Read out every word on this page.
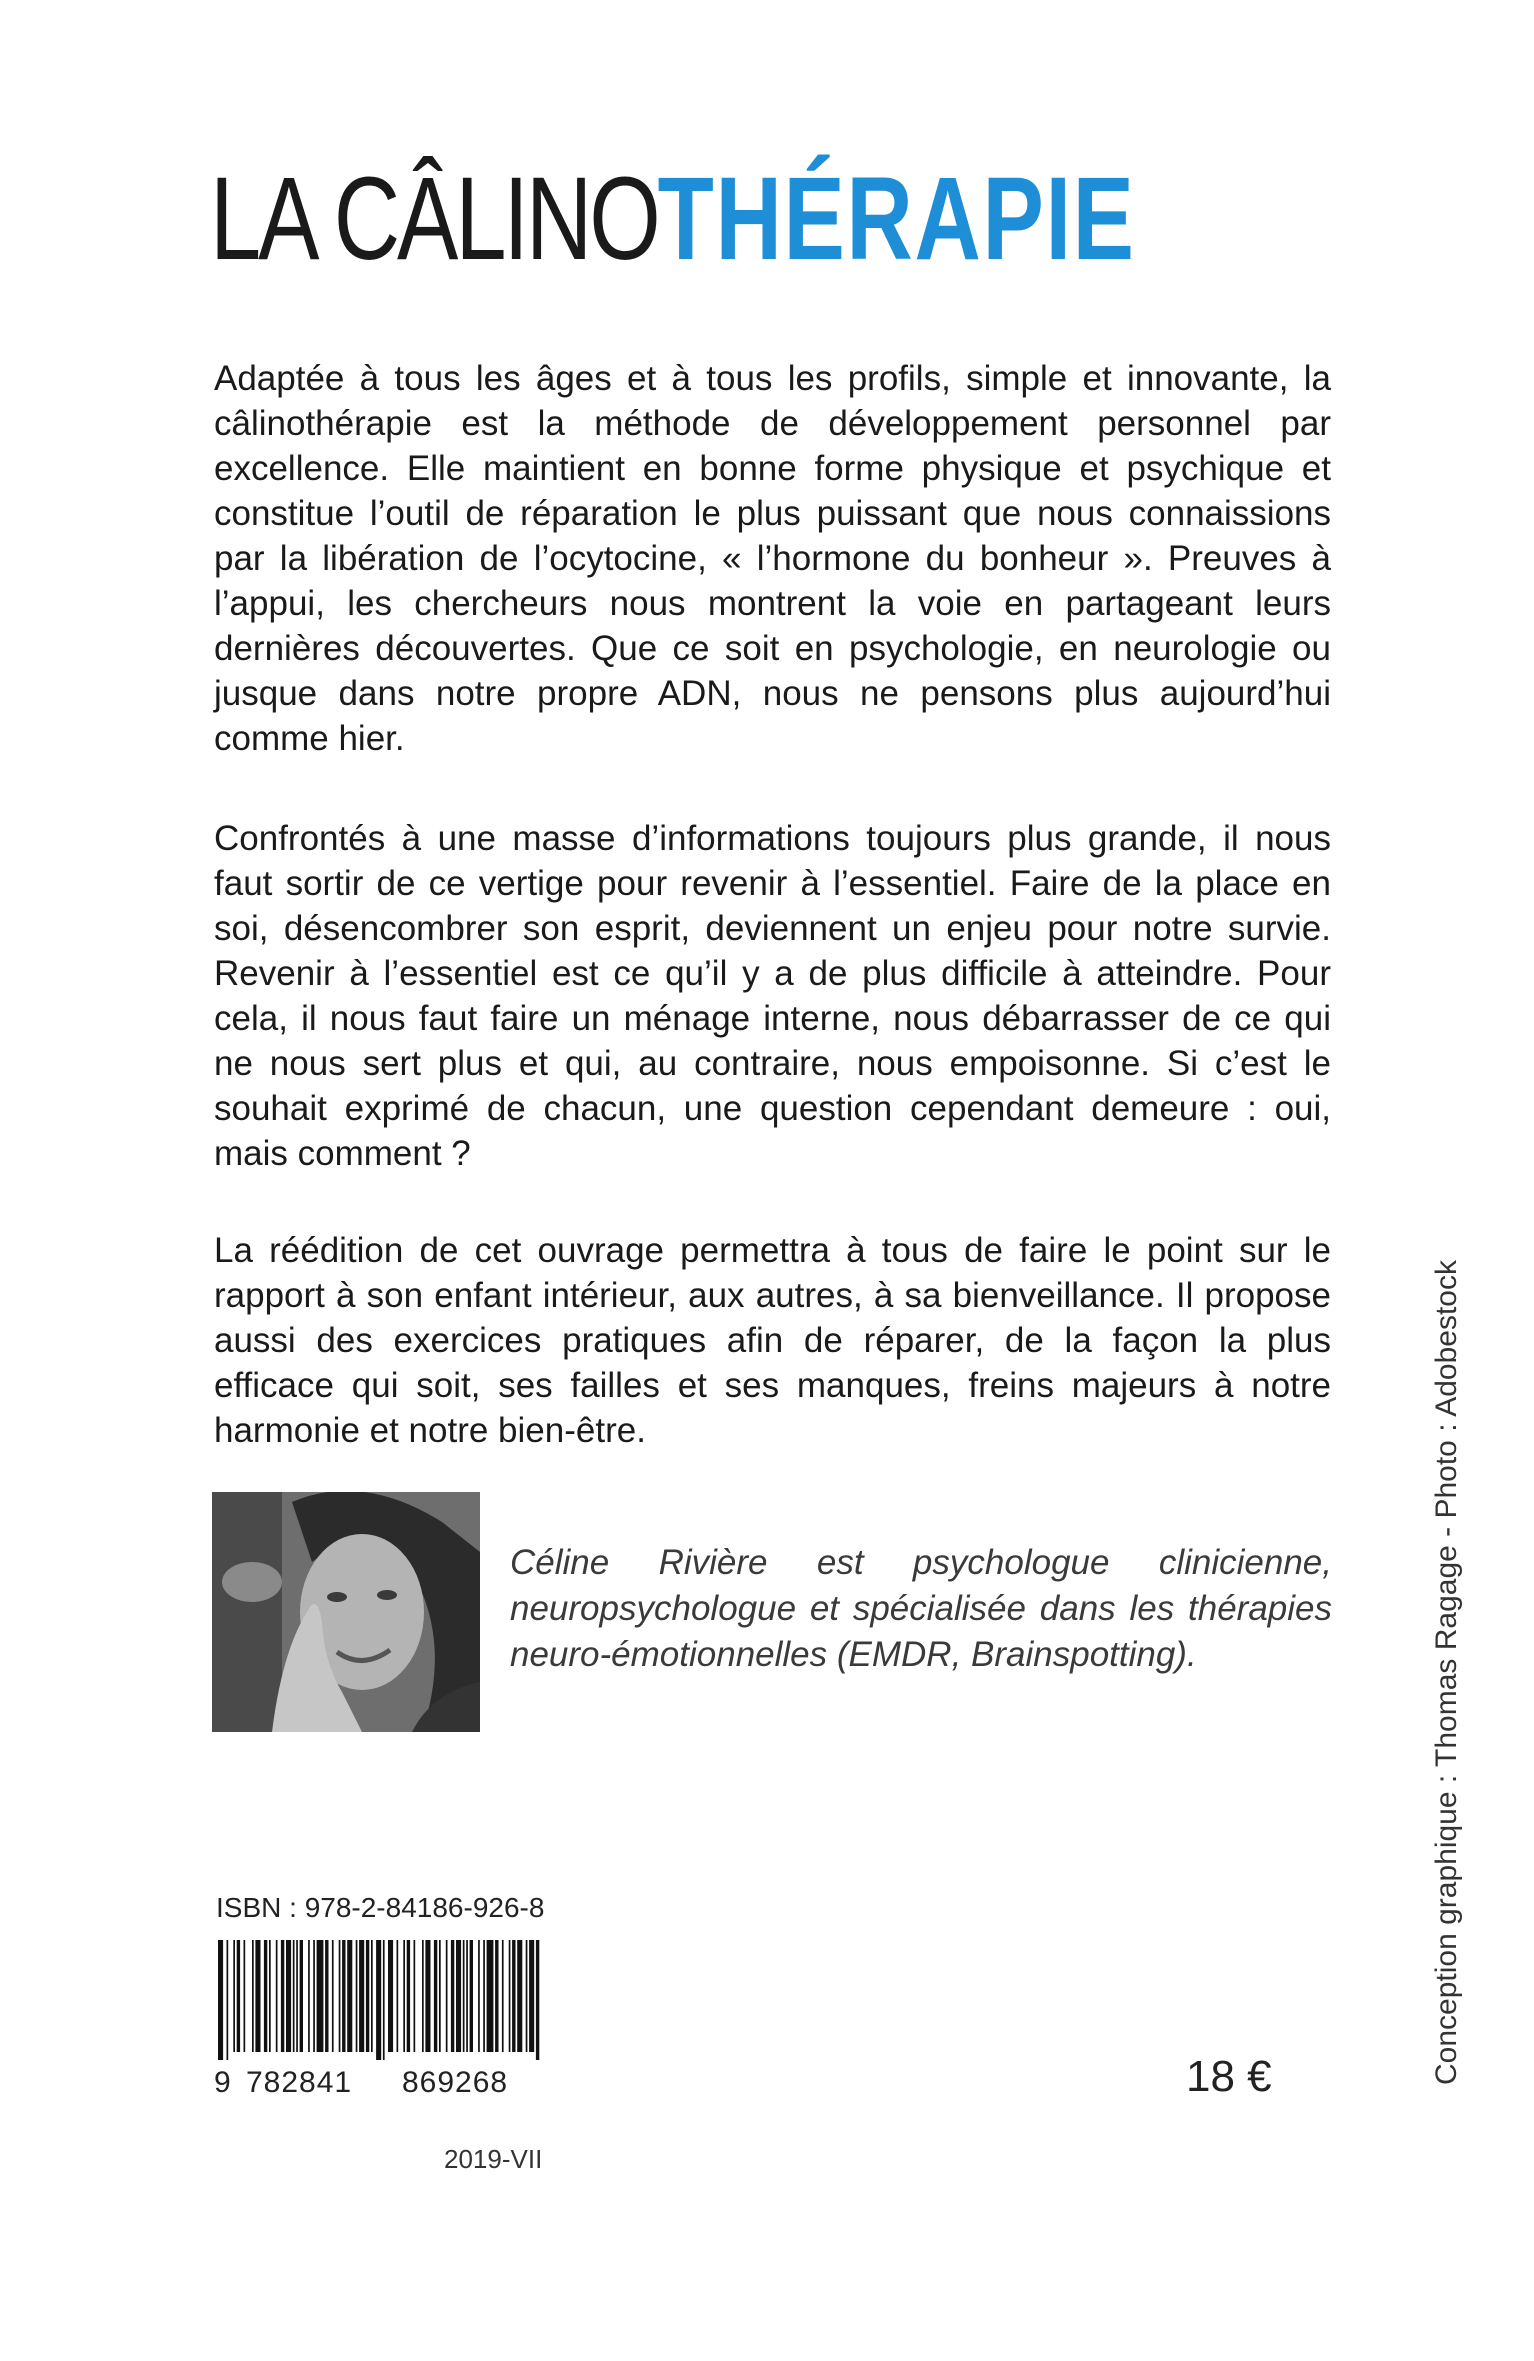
LA CÂLINOTHÉRAPIE

Adaptée à tous les âges et à tous les profils, simple et innovante, la câlinothérapie est la méthode de développement personnel par excellence. Elle maintient en bonne forme physique et psychique et constitue l’outil de réparation le plus puissant que nous connaissions par la libération de l’ocytocine, « l’hormone du bonheur ». Preuves à l’appui, les chercheurs nous montrent la voie en partageant leurs dernières découvertes. Que ce soit en psychologie, en neurologie ou jusque dans notre propre ADN, nous ne pensons plus aujourd’hui comme hier.

Confrontés à une masse d’informations toujours plus grande, il nous faut sortir de ce vertige pour revenir à l’essentiel. Faire de la place en soi, désencombrer son esprit, deviennent un enjeu pour notre survie. Revenir à l’essentiel est ce qu’il y a de plus difficile à atteindre. Pour cela, il nous faut faire un ménage interne, nous débarrasser de ce qui ne nous sert plus et qui, au contraire, nous empoisonne. Si c’est le souhait exprimé de chacun, une question cependant demeure : oui, mais comment ?

La réédition de cet ouvrage permettra à tous de faire le point sur le rapport à son enfant intérieur, aux autres, à sa bienveillance. Il propose aussi des exercices pratiques afin de réparer, de la façon la plus efficace qui soit, ses failles et ses manques, freins majeurs à notre harmonie et notre bien-être.

Céline Rivière est psychologue clinicienne, neuropsychologue et spécialisée dans les thérapies neuro-émotionnelles (EMDR, Brainspotting).	Conception graphique : Thomas Ragage - Photo : Adobestock
ISBN : 978-2-84186-926-8
9 782841 869268
2019-VII
18 €
